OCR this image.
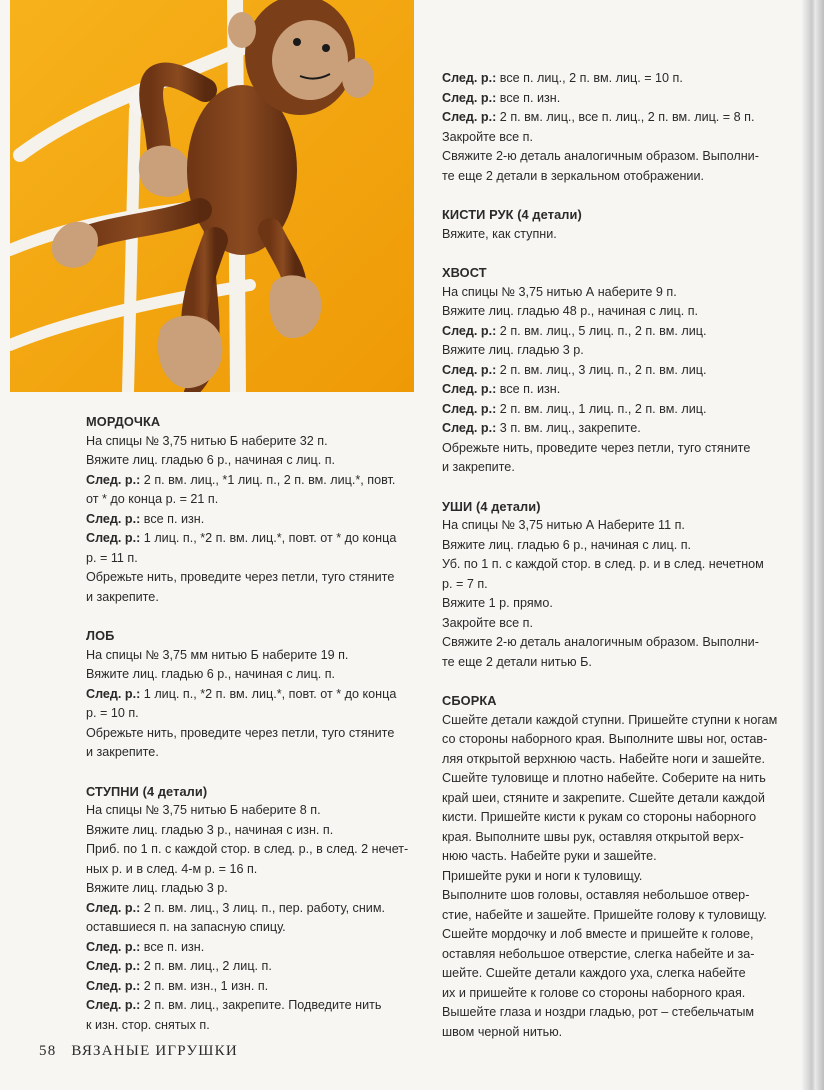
МОРДОЧКА
На спицы № 3,75 нитью Б наберите 32 п.
Вяжите лиц. гладью 6 р., начиная с лиц. п.
След. р.: 2 п. вм. лиц., *1 лиц. п., 2 п. вм. лиц.*, повт.
от * до конца р. = 21 п.
След. р.: все п. изн.
След. р.: 1 лиц. п., *2 п. вм. лиц.*, повт. от * до конца
р. = 11 п.
Обрежьте нить, проведите через петли, туго стяните
и закрепите.
ЛОБ
На спицы № 3,75 мм нитью Б наберите 19 п.
Вяжите лиц. гладью 6 р., начиная с лиц. п.
След. р.: 1 лиц. п., *2 п. вм. лиц.*, повт. от * до конца
р. = 10 п.
Обрежьте нить, проведите через петли, туго стяните
и закрепите.
СТУПНИ (4 детали)
На спицы № 3,75 нитью Б наберите 8 п.
Вяжите лиц. гладью 3 р., начиная с изн. п.
Приб. по 1 п. с каждой стор. в след. р., в след. 2 нечет-
ных р. и в след. 4-м р. = 16 п.
Вяжите лиц. гладью 3 р.
След. р.: 2 п. вм. лиц., 3 лиц. п., пер. работу, сним.
оставшиеся п. на запасную спицу.
След. р.: все п. изн.
След. р.: 2 п. вм. лиц., 2 лиц. п.
След. р.: 2 п. вм. изн., 1 изн. п.
След. р.: 2 п. вм. лиц., закрепите. Подведите нить
к изн. стор. снятых п.
След. р.: все п. лиц., 2 п. вм. лиц. = 10 п.
След. р.: все п. изн.
След. р.: 2 п. вм. лиц., все п. лиц., 2 п. вм. лиц. = 8 п.
Закройте все п.
Свяжите 2-ю деталь аналогичным образом. Выполни-
те еще 2 детали в зеркальном отображении.
КИСТИ РУК (4 детали)
Вяжите, как ступни.
ХВОСТ
На спицы № 3,75 нитью А наберите 9 п.
Вяжите лиц. гладью 48 р., начиная с лиц. п.
След. р.: 2 п. вм. лиц., 5 лиц. п., 2 п. вм. лиц.
Вяжите лиц. гладью 3 р.
След. р.: 2 п. вм. лиц., 3 лиц. п., 2 п. вм. лиц.
След. р.: все п. изн.
След. р.: 2 п. вм. лиц., 1 лиц. п., 2 п. вм. лиц.
След. р.: 3 п. вм. лиц., закрепите.
Обрежьте нить, проведите через петли, туго стяните
и закрепите.
УШИ (4 детали)
На спицы № 3,75 нитью А Наберите 11 п.
Вяжите лиц. гладью 6 р., начиная с лиц. п.
Уб. по 1 п. с каждой стор. в след. р. и в след. нечетном
р. = 7 п.
Вяжите 1 р. прямо.
Закройте все п.
Свяжите 2-ю деталь аналогичным образом. Выполни-
те еще 2 детали нитью Б.
СБОРКА
Сшейте детали каждой ступни. Пришейте ступни к ногам
со стороны наборного края. Выполните швы ног, остав-
ляя открытой верхнюю часть. Набейте ноги и зашейте.
Сшейте туловище и плотно набейте. Соберите на нить
край шеи, стяните и закрепите. Сшейте детали каждой
кисти. Пришейте кисти к рукам со стороны наборного
края. Выполните швы рук, оставляя открытой верх-
нюю часть. Набейте руки и зашейте.
Пришейте руки и ноги к туловищу.
Выполните шов головы, оставляя небольшое отвер-
стие, набейте и зашейте. Пришейте голову к туловищу.
Сшейте мордочку и лоб вместе и пришейте к голове,
оставляя небольшое отверстие, слегка набейте и за-
шейте. Сшейте детали каждого уха, слегка набейте
их и пришейте к голове со стороны наборного края.
Вышейте глаза и ноздри гладью, рот – стебельчатым
швом черной нитью.
58 ВЯЗАНЫЕ ИГРУШКИ
